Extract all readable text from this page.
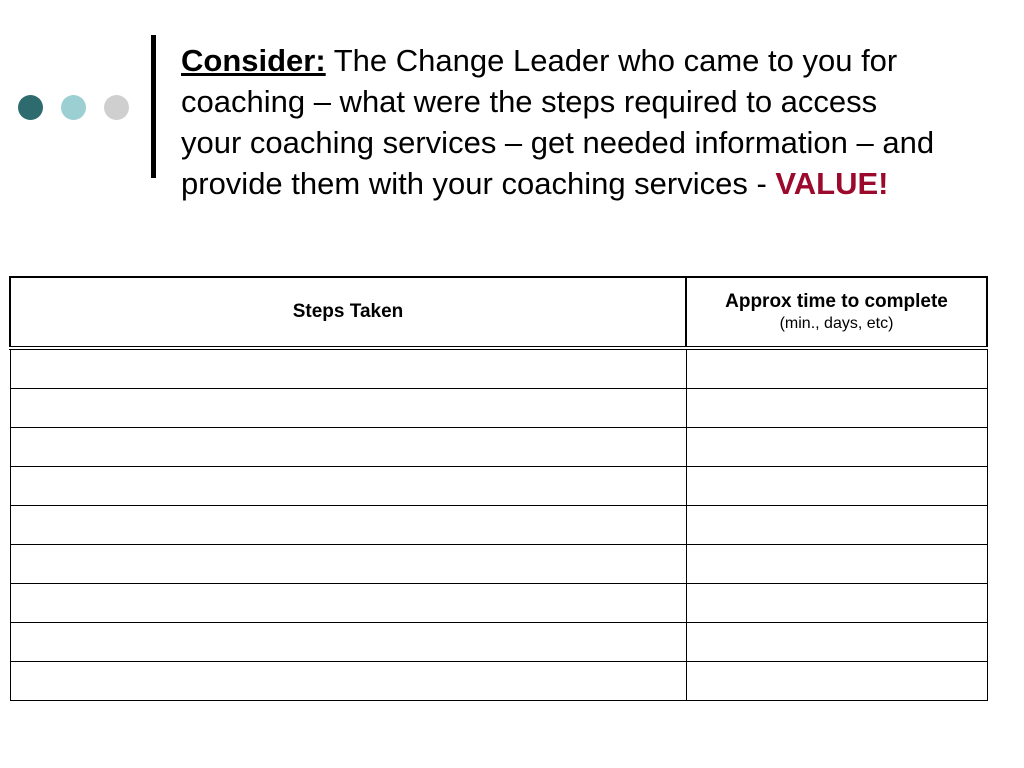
Consider: The Change Leader who came to you for
coaching – what were the steps required to access
your coaching services – get needed information – and
provide them with your coaching services - VALUE!
Steps Taken	Approx time to complete
(min., days, etc)
